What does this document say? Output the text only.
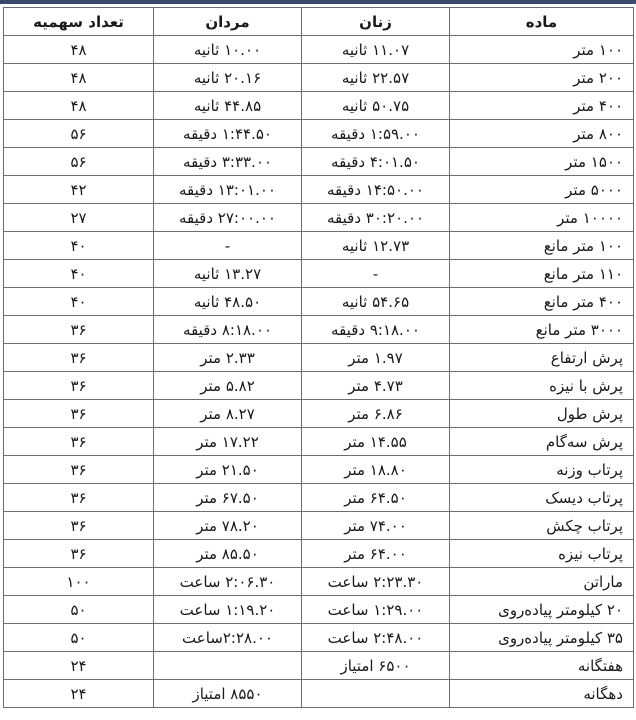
ماده	زنان	مردان	تعداد سهمیه
۱۰۰ متر	۱۱.۰۷ ثانیه	۱۰.۰۰ ثانیه	۴۸
۲۰۰ متر	۲۲.۵۷ ثانیه	۲۰.۱۶ ثانیه	۴۸
۴۰۰ متر	۵۰.۷۵ ثانیه	۴۴.۸۵ ثانیه	۴۸
۸۰۰ متر	۱:۵۹.۰۰ دقیقه	۱:۴۴.۵۰ دقیقه	۵۶
۱۵۰۰ متر	۴:۰۱.۵۰ دقیقه	۳:۳۳.۰۰ دقیقه	۵۶
۵۰۰۰ متر	۱۴:۵۰.۰۰ دقیقه	۱۳:۰۱.۰۰ دقیقه	۴۲
۱۰۰۰۰ متر	۳۰:۲۰.۰۰ دقیقه	۲۷:۰۰.۰۰ دقیقه	۲۷
۱۰۰ متر مانع	۱۲.۷۳ ثانیه	-	۴۰
۱۱۰ متر مانع	-	۱۳.۲۷ ثانیه	۴۰
۴۰۰ متر مانع	۵۴.۶۵ ثانیه	۴۸.۵۰ ثانیه	۴۰
۳۰۰۰ متر مانع	۹:۱۸.۰۰ دقیقه	۸:۱۸.۰۰ دقیقه	۳۶
پرش ارتفاع	۱.۹۷ متر	۲.۳۳ متر	۳۶
پرش با نیزه	۴.۷۳ متر	۵.۸۲ متر	۳۶
پرش طول	۶.۸۶ متر	۸.۲۷ متر	۳۶
پرش سه‌گام	۱۴.۵۵ متر	۱۷.۲۲ متر	۳۶
پرتاب وزنه	۱۸.۸۰ متر	۲۱.۵۰ متر	۳۶
پرتاب دیسک	۶۴.۵۰ متر	۶۷.۵۰ متر	۳۶
پرتاب چکش	۷۴.۰۰ متر	۷۸.۲۰ متر	۳۶
پرتاب نیزه	۶۴.۰۰ متر	۸۵.۵۰ متر	۳۶
ماراتن	۲:۲۳.۳۰ ساعت	۲:۰۶.۳۰ ساعت	۱۰۰
۲۰ کیلومتر پیاده‌روی	۱:۲۹.۰۰ ساعت	۱:۱۹.۲۰ ساعت	۵۰
۳۵ کیلومتر پیاده‌روی	۲:۴۸.۰۰ ساعت	۲:۲۸.۰۰ساعت	۵۰
هفتگانه	۶۵۰۰ امتیاز		۲۴
دهگانه		۸۵۵۰ امتیاز	۲۴
